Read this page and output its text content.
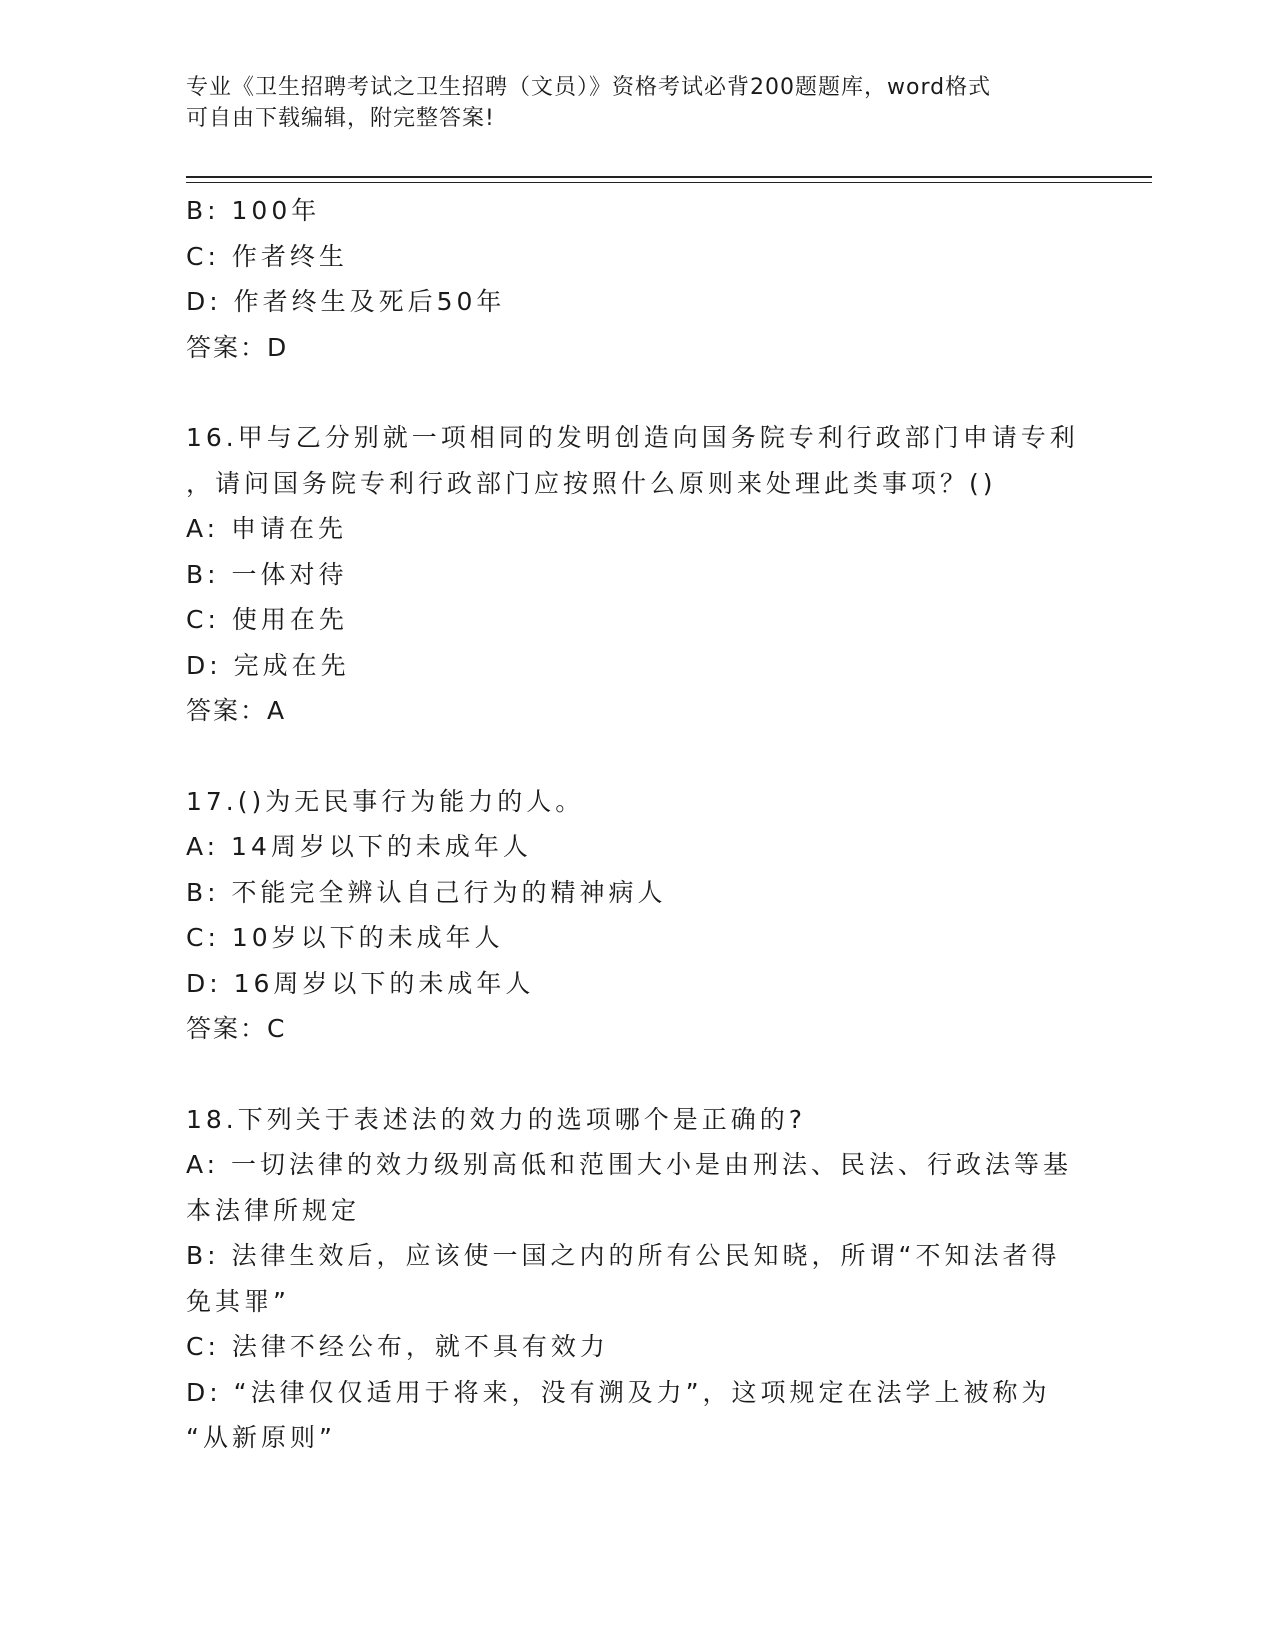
专业《卫生招聘考试之卫生招聘（文员）》资格考试必背200题题库，word格式
可自由下载编辑，附完整答案!
B: 100年
C: 作者终生
D: 作者终生及死后50年
答案：D
16.甲与乙分别就一项相同的发明创造向国务院专利行政部门申请专利
，请问国务院专利行政部门应按照什么原则来处理此类事项？()
A: 申请在先
B: 一体对待
C: 使用在先
D: 完成在先
答案：A
17.()为无民事行为能力的人。
A: 14周岁以下的未成年人
B: 不能完全辨认自己行为的精神病人
C: 10岁以下的未成年人
D: 16周岁以下的未成年人
答案：C
18.下列关于表述法的效力的选项哪个是正确的?
A: 一切法律的效力级别高低和范围大小是由刑法、民法、行政法等基
本法律所规定
B: 法律生效后，应该使一国之内的所有公民知晓，所谓“不知法者得
免其罪”
C: 法律不经公布，就不具有效力
D: “法律仅仅适用于将来，没有溯及力”，这项规定在法学上被称为
“从新原则”
